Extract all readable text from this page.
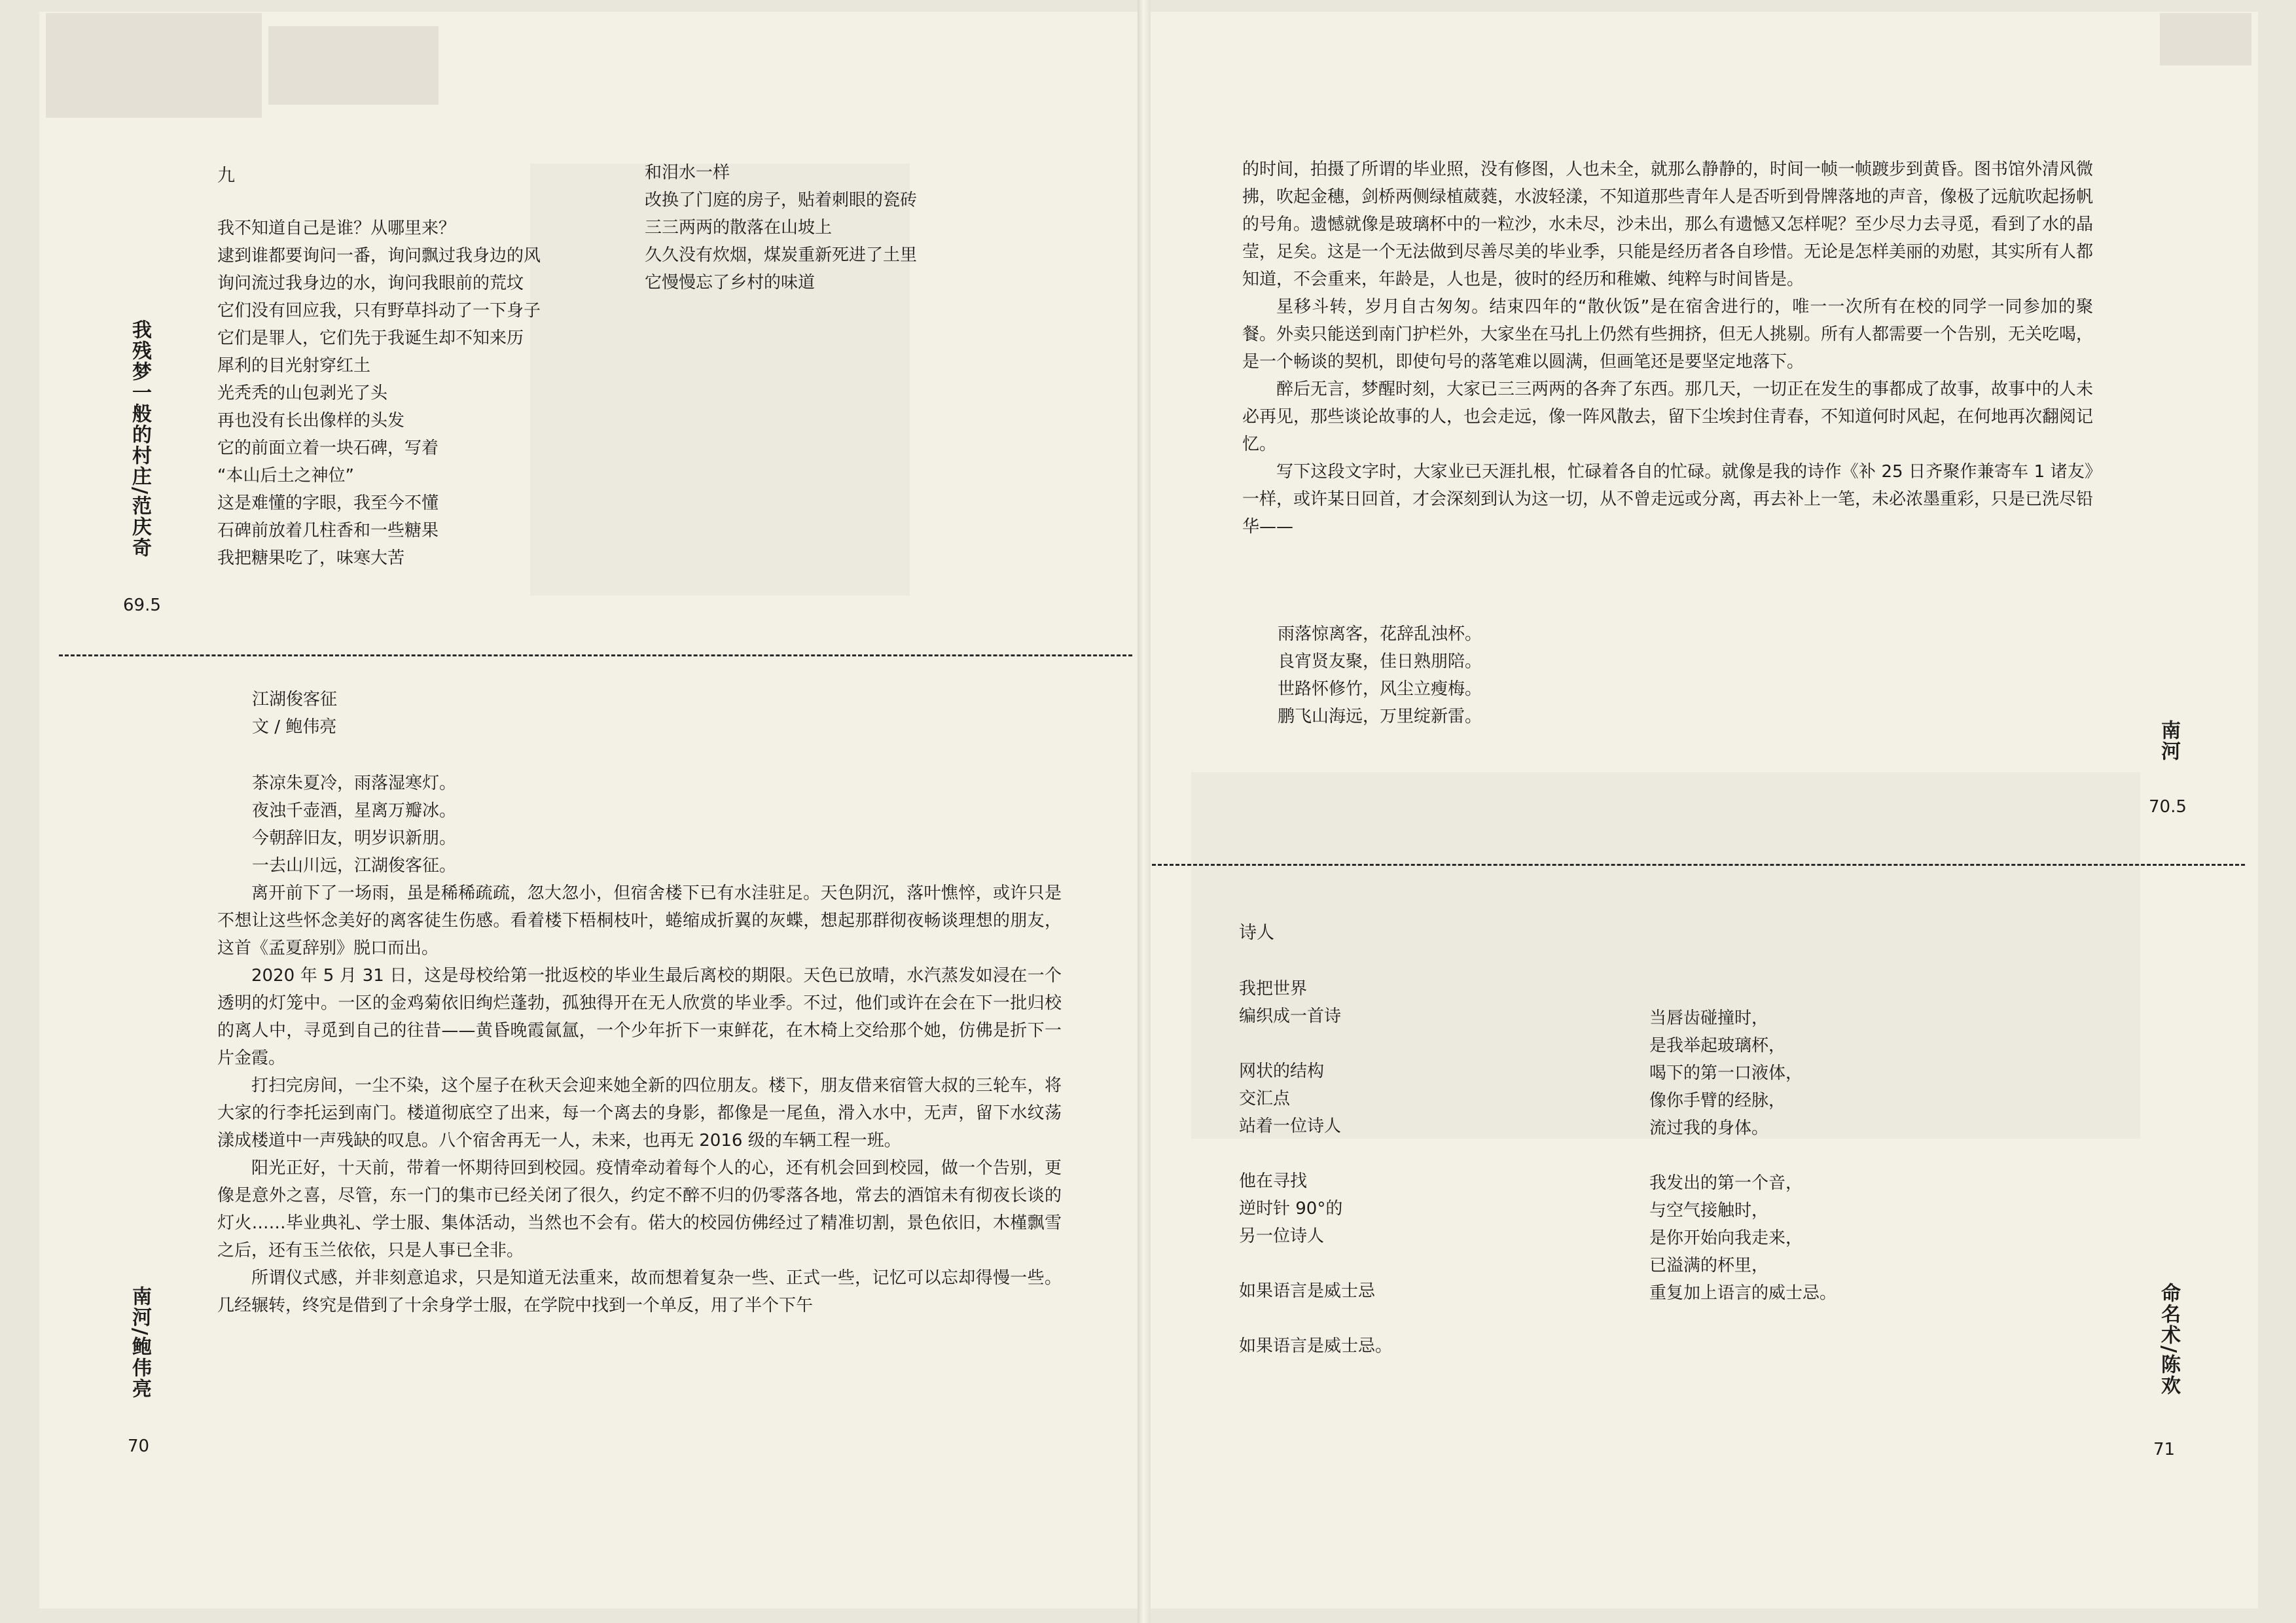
我残梦一般的村庄/范庆奇
69.5
南河/鲍伟亮
70
九

我不知道自己是谁？从哪里来？

逮到谁都要询问一番，询问飘过我身边的风

询问流过我身边的水，询问我眼前的荒坟

它们没有回应我，只有野草抖动了一下身子

它们是罪人，它们先于我诞生却不知来历

犀利的目光射穿红土

光秃秃的山包剥光了头

再也没有长出像样的头发

它的前面立着一块石碑，写着

“本山后土之神位”

这是难懂的字眼，我至今不懂

石碑前放着几柱香和一些糖果

我把糖果吃了，味寒大苦

和泪水一样

改换了门庭的房子，贴着刺眼的瓷砖

三三两两的散落在山坡上

久久没有炊烟，煤炭重新死进了土里

它慢慢忘了乡村的味道

江湖俊客征

文 / 鲍伟亮

茶凉朱夏冷，雨落湿寒灯。

夜浊千壶酒，星离万瓣冰。

今朝辞旧友，明岁识新朋。

一去山川远，江湖俊客征。

离开前下了一场雨，虽是稀稀疏疏，忽大忽小，但宿舍楼下已有水洼驻足。天色阴沉，落叶憔悴，或许只是不想让这些怀念美好的离客徒生伤感。看着楼下梧桐枝叶，蜷缩成折翼的灰蝶，想起那群彻夜畅谈理想的朋友，这首《孟夏辞别》脱口而出。

2020 年 5 月 31 日，这是母校给第一批返校的毕业生最后离校的期限。天色已放晴，水汽蒸发如浸在一个透明的灯笼中。一区的金鸡菊依旧绚烂蓬勃，孤独得开在无人欣赏的毕业季。不过，他们或许在会在下一批归校的离人中，寻觅到自己的往昔——黄昏晚霞氤氲，一个少年折下一束鲜花，在木椅上交给那个她，仿佛是折下一片金霞。

打扫完房间，一尘不染，这个屋子在秋天会迎来她全新的四位朋友。楼下，朋友借来宿管大叔的三轮车，将大家的行李托运到南门。楼道彻底空了出来，每一个离去的身影，都像是一尾鱼，滑入水中，无声，留下水纹荡漾成楼道中一声残缺的叹息。八个宿舍再无一人，未来，也再无 2016 级的车辆工程一班。

阳光正好，十天前，带着一怀期待回到校园。疫情牵动着每个人的心，还有机会回到校园，做一个告别，更像是意外之喜，尽管，东一门的集市已经关闭了很久，约定不醉不归的仍零落各地，常去的酒馆未有彻夜长谈的灯火……毕业典礼、学士服、集体活动，当然也不会有。偌大的校园仿佛经过了精准切割，景色依旧，木槿飘雪之后，还有玉兰依依，只是人事已全非。

所谓仪式感，并非刻意追求，只是知道无法重来，故而想着复杂一些、正式一些，记忆可以忘却得慢一些。几经辗转，终究是借到了十余身学士服，在学院中找到一个单反，用了半个下午

的时间，拍摄了所谓的毕业照，没有修图，人也未全，就那么静静的，时间一帧一帧踱步到黄昏。图书馆外清风微拂，吹起金穗，剑桥两侧绿植葳蕤，水波轻漾，不知道那些青年人是否听到骨牌落地的声音，像极了远航吹起扬帆的号角。遗憾就像是玻璃杯中的一粒沙，水未尽，沙未出，那么有遗憾又怎样呢？至少尽力去寻觅，看到了水的晶莹，足矣。这是一个无法做到尽善尽美的毕业季，只能是经历者各自珍惜。无论是怎样美丽的劝慰，其实所有人都知道，不会重来，年龄是，人也是，彼时的经历和稚嫩、纯粹与时间皆是。

星移斗转，岁月自古匆匆。结束四年的“散伙饭”是在宿舍进行的，唯一一次所有在校的同学一同参加的聚餐。外卖只能送到南门护栏外，大家坐在马扎上仍然有些拥挤，但无人挑剔。所有人都需要一个告别，无关吃喝，是一个畅谈的契机，即使句号的落笔难以圆满，但画笔还是要坚定地落下。

醉后无言，梦醒时刻，大家已三三两两的各奔了东西。那几天，一切正在发生的事都成了故事，故事中的人未必再见，那些谈论故事的人，也会走远，像一阵风散去，留下尘埃封住青春，不知道何时风起，在何地再次翻阅记忆。

写下这段文字时，大家业已天涯扎根，忙碌着各自的忙碌。就像是我的诗作《补 25 日齐聚作兼寄车 1 诸友》一样，或许某日回首，才会深刻到认为这一切，从不曾走远或分离，再去补上一笔，未必浓墨重彩，只是已洗尽铅华——

雨落惊离客，花辞乱浊杯。

良宵贤友聚，佳日熟朋陪。

世路怀修竹，风尘立瘦梅。

鹏飞山海远，万里绽新雷。

南河
70.5
命名术/陈欢
71
诗人

我把世界

编织成一首诗

网状的结构

交汇点

站着一位诗人

他在寻找

逆时针 90°的

另一位诗人

如果语言是威士忌

如果语言是威士忌。

当唇齿碰撞时，

是我举起玻璃杯，

喝下的第一口液体，

像你手臂的经脉，

流过我的身体。

我发出的第一个音，

与空气接触时，

是你开始向我走来，

已溢满的杯里，

重复加上语言的威士忌。
